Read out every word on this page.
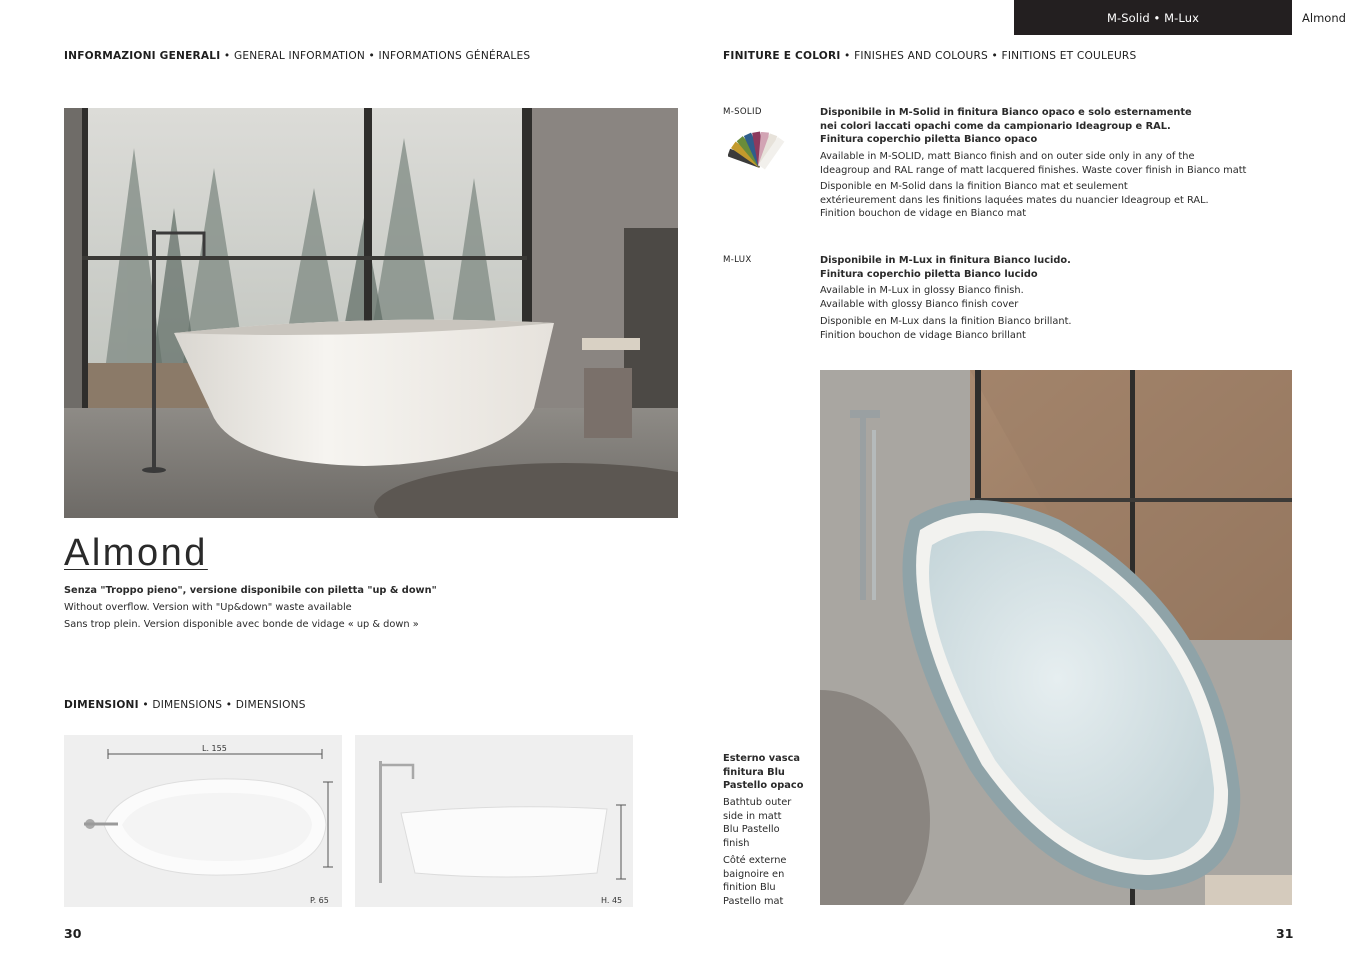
M-Solid • M-Lux	Almond
INFORMAZIONI GENERALI • GENERAL INFORMATION • INFORMATIONS GÉNÉRALES
Almond
Senza "Troppo pieno", versione disponibile con piletta "up & down"
Without overflow. Version with "Up&down" waste available
Sans trop plein. Version disponible avec bonde de vidage « up & down »
DIMENSIONI • DIMENSIONS • DIMENSIONS
L. 155
P. 65	H. 45
30
FINITURE E COLORI • FINISHES AND COLOURS • FINITIONS ET COULEURS
M-SOLID	Disponibile in M-Solid in finitura Bianco opaco e solo esternamente
nei colori laccati opachi come da campionario Ideagroup e RAL.
Finitura coperchio piletta Bianco opaco
Available in M-SOLID, matt Bianco finish and on outer side only in any of the
Ideagroup and RAL range of matt lacquered finishes. Waste cover finish in Bianco matt
Disponible en M-Solid dans la finition Bianco mat et seulement
extérieurement dans les finitions laquées mates du nuancier Ideagroup et RAL.
Finition bouchon de vidage en Bianco mat
M-LUX	Disponibile in M-Lux in finitura Bianco lucido.
Finitura coperchio piletta Bianco lucido
Available in M-Lux in glossy Bianco finish.
Available with glossy Bianco finish cover
Disponible en M-Lux dans la finition Bianco brillant.
Finition bouchon de vidage Bianco brillant
Esterno vasca
finitura Blu
Pastello opaco
Bathtub outer
side in matt
Blu Pastello
finish
Côté externe
baignoire en
finition Blu
Pastello mat
31
